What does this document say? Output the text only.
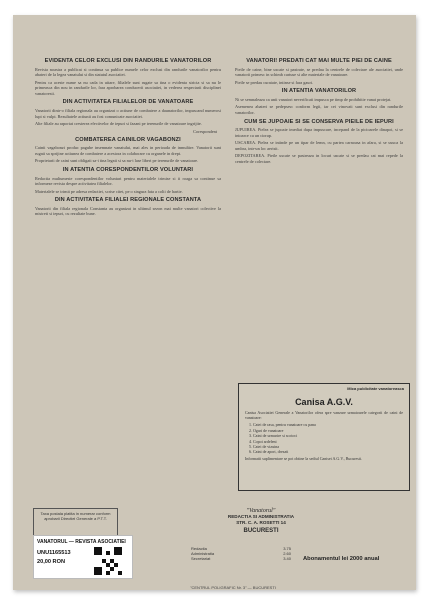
EVIDENTA CELOR EXCLUSI DIN RANDURILE VANATORILOR

Revista noastra a publicat si continua sa publice numele celor exclusi din randurile vanatorilor pentru abateri de la legea vanatului si din statutul asociatiei.

Pentru ca aceste nume sa nu cada in uitare, filialele sunt rugate sa tina o evidenta stricta si sa nu le primeasca din nou in randurile lor, fara aprobarea conducerii asociatiei, in vederea respectarii disciplinei vanatoresti.

DIN ACTIVITATEA FILIALELOR DE VANATOARE

Vanatorii dintr-o filiala regionala au organizat o actiune de combatere a daunatorilor, impuscand numerosi lupi si vulpi. Rezultatele actiunii au fost comunicate asociatiei.

Alte filiale au raportat cresterea efectivelor de iepuri si fazani pe terenurile de vanatoare ingrijite.

Corespondent
COMBATEREA CAINILOR VAGABONZI

Cainii vagabonzi produc pagube insemnate vanatului, mai ales in perioada de inmultire. Vanatorii sunt rugati sa sprijine actiunea de combatere a acestora in colaborare cu organele in drept.

Proprietarii de caini sunt obligati sa-i tina legati si sa nu-i lase liberi pe terenurile de vanatoare.

IN ATENTIA CORESPONDENTILOR VOLUNTARI

Redactia multumeste corespondentilor voluntari pentru materialele trimise si ii roaga sa continue sa informeze revista despre activitatea filialelor.

Materialele se trimit pe adresa redactiei, scrise citet, pe o singura fata a colii de hartie.

DIN ACTIVITATEA FILIALEI REGIONALE CONSTANTA

Vanatorii din filiala regionala Constanta au organizat in ultimul sezon mai multe vanatori colective la mistreti si iepuri, cu rezultate bune.

VANATORI! PREDATI CAT MAI MULTE PIEI DE CAINE

Pieile de caine, bine uscate si pastrate, se predau la centrele de colectare ale asociatiei, unde vanatorii primesc in schimb cartuse si alte materiale de vanatoare.

Pieile se predau curatate, intinse si fara gauri.

IN ATENTIA VANATORILOR

Ni se semnaleaza ca unii vanatori neverificati impusca pe timp de prohibitie vanat protejat.

Asemenea abateri se pedepsesc conform legii, iar cei vinovati sunt exclusi din randurile vanatorilor.

CUM SE JUPOAIE SI SE CONSERVA PIEILE DE IEPURI

JUPUIREA. Pielea se jupoaie imediat dupa impuscare, incepand de la picioarele dinapoi, si se intoarce ca un ciorap.

USCAREA. Pielea se intinde pe un tipar de lemn, cu partea carnoasa in afara, si se usuca la umbra, intr-un loc aerisit.

DEPOZITAREA. Pieile uscate se pastreaza in locuri uscate si se predau cat mai repede la centrele de colectare.

Mica publicitate vanatoreasca
Canisa A.G.V.
Canisa Asociatiei Generale a Vanatorilor ofera spre vanzare urmatoarele categorii de caini de vanatoare:
1. Catei de rasa, pentru vanatoare cu pana
2. Ogari de vanatoare
3. Caini de urmarire si scotoci
4. Copoi ardeleni
5. Catei de vizuina
6. Caini de aport, dresati
Informatii suplimentare se pot obtine la sediul Canisei A.G.V., Bucuresti.
Taxa postala platita in numerar conform aprobarii Directiei Generale a P.T.T.
"Vanatorul"
REDACTIA SI ADMINISTRATIA
STR. C. A. ROSETTI 14
BUCURESTI
Redactia	3.75
Administratia	2.60
Secretariat	3.40 Abonamentul lei 2000 anual
"CENTRUL POLIGRAFIC Nr. 3" — BUCURESTI
VANATORUL — REVISTA ASOCIATIEI
UNU1165513
20,00 RON
